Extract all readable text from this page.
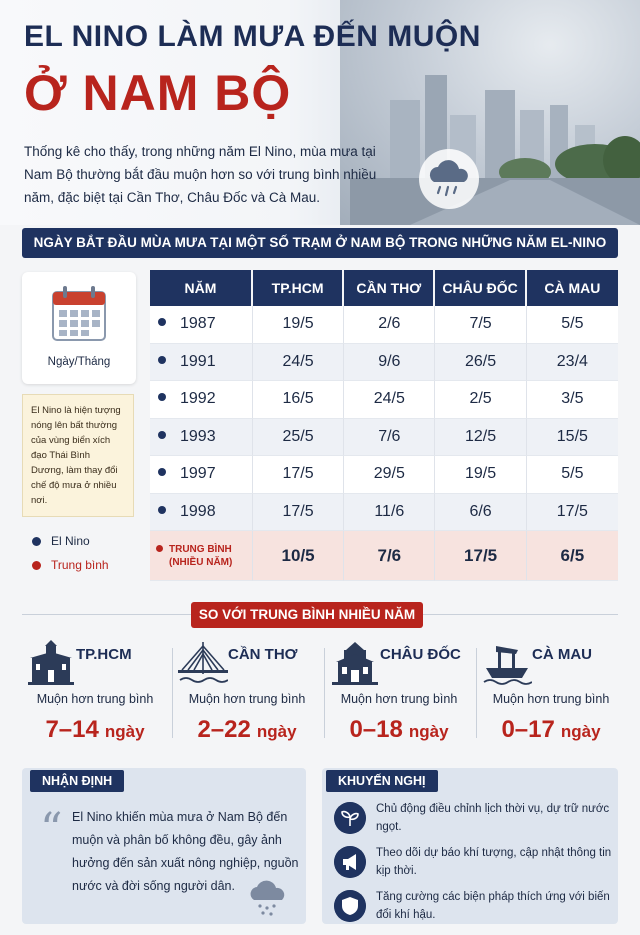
EL NINO LÀM MƯA ĐẾN MUỘN
Ở NAM BỘ
Thống kê cho thấy, trong những năm El Nino, mùa mưa tại Nam Bộ thường bắt đầu muộn hơn so với trung bình nhiều năm, đặc biệt tại Cần Thơ, Châu Đốc và Cà Mau.
NGÀY BẮT ĐẦU MÙA MƯA TẠI MỘT SỐ TRẠM Ở NAM BỘ TRONG NHỮNG NĂM EL-NINO
Ngày/Tháng
El Nino là hiện tượng nóng lên bất thường của vùng biển xích đạo Thái Bình Dương, làm thay đổi chế độ mưa ở nhiều nơi.
El Nino
Trung bình
NĂM	TP.HCM	CẦN THƠ	CHÂU ĐỐC	CÀ MAU
1987	19/5	2/6	7/5	5/5
1991	24/5	9/6	26/5	23/4
1992	16/5	24/5	2/5	3/5
1993	25/5	7/6	12/5	15/5
1997	17/5	29/5	19/5	5/5
1998	17/5	11/6	6/6	17/5
TRUNG BÌNH
(NHIỀU NĂM)	10/5	7/6	17/5	6/5
SO VỚI TRUNG BÌNH NHIỀU NĂM
TP.HCM
Muộn hơn trung bình
7–14 ngày
CẦN THƠ
Muộn hơn trung bình
2–22 ngày
CHÂU ĐỐC
Muộn hơn trung bình
0–18 ngày
CÀ MAU
Muộn hơn trung bình
0–17 ngày
NHẬN ĐỊNH
“ El Nino khiến mùa mưa ở Nam Bộ đến muộn và phân bố không đều, gây ảnh hưởng đến sản xuất nông nghiệp, nguồn nước và đời sống người dân.
KHUYẾN NGHỊ
Chủ động điều chỉnh lịch thời vụ, dự trữ nước ngọt.
Theo dõi dự báo khí tượng, cập nhật thông tin kịp thời.
Tăng cường các biện pháp thích ứng với biến đổi khí hậu.
